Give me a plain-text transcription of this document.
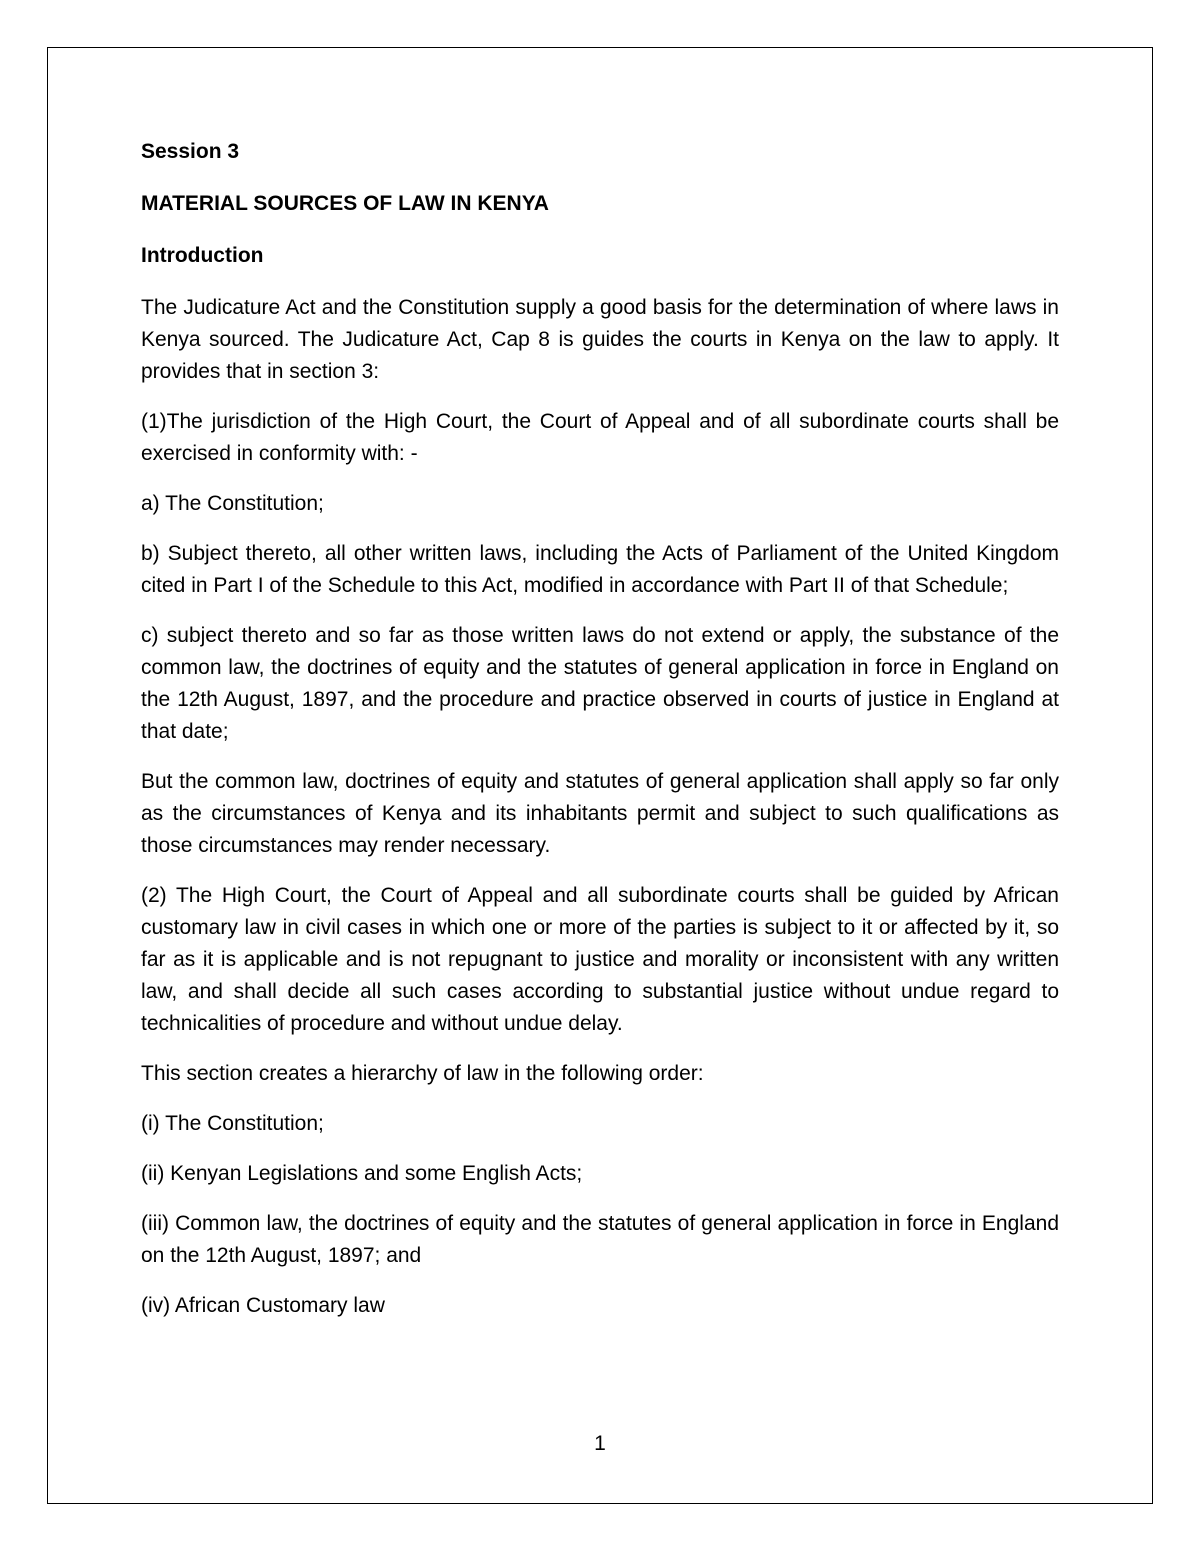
Session 3

MATERIAL SOURCES OF LAW IN KENYA

Introduction

The Judicature Act and the Constitution supply a good basis for the determination of where laws in Kenya sourced. The Judicature Act, Cap 8 is guides the courts in Kenya on the law to apply. It provides that in section 3:

(1)The jurisdiction of the High Court, the Court of Appeal and of all subordinate courts shall be exercised in conformity with: -

a) The Constitution;

b) Subject thereto, all other written laws, including the Acts of Parliament of the United Kingdom cited in Part I of the Schedule to this Act, modified in accordance with Part II of that Schedule;

c) subject thereto and so far as those written laws do not extend or apply, the substance of the common law, the doctrines of equity and the statutes of general application in force in England on the 12th August, 1897, and the procedure and practice observed in courts of justice in England at that date;

But the common law, doctrines of equity and statutes of general application shall apply so far only as the circumstances of Kenya and its inhabitants permit and subject to such qualifications as those circumstances may render necessary.

(2) The High Court, the Court of Appeal and all subordinate courts shall be guided by African customary law in civil cases in which one or more of the parties is subject to it or affected by it, so far as it is applicable and is not repugnant to justice and morality or inconsistent with any written law, and shall decide all such cases according to substantial justice without undue regard to technicalities of procedure and without undue delay.

This section creates a hierarchy of law in the following order:

(i) The Constitution;

(ii) Kenyan Legislations and some English Acts;

(iii) Common law, the doctrines of equity and the statutes of general application in force in England on the 12th August, 1897; and

(iv) African Customary law

1
